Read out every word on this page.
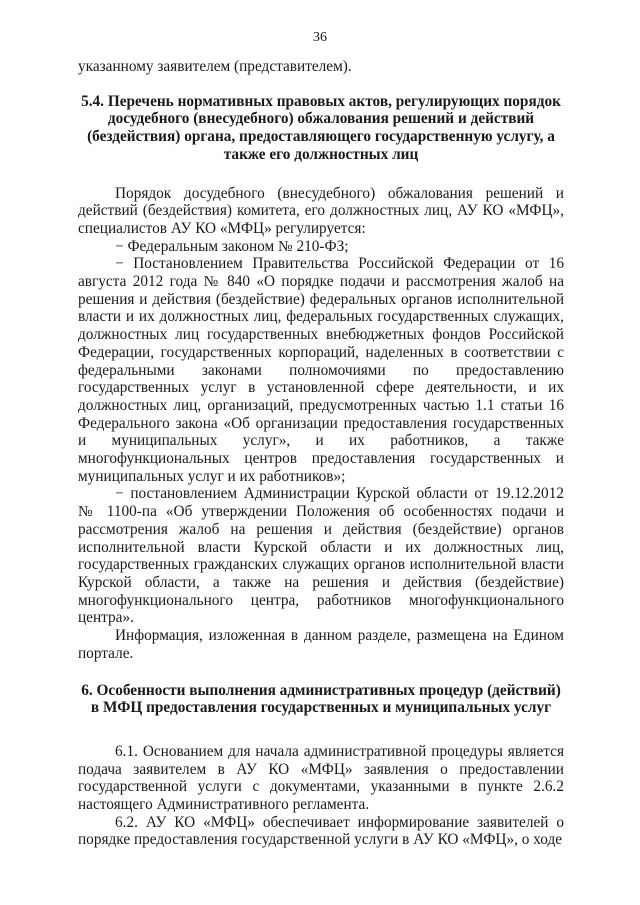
36

указанному заявителем (представителем).

5.4. Перечень нормативных правовых актов, регулирующих порядок досудебного (внесудебного) обжалования решений и действий (бездействия) органа, предоставляющего государственную услугу, а также его должностных лиц

Порядок досудебного (внесудебного) обжалования решений и действий (бездействия) комитета, его должностных лиц, АУ КО «МФЦ», специалистов АУ КО «МФЦ» регулируется:

− Федеральным законом № 210-ФЗ;

− Постановлением Правительства Российской Федерации от 16 августа 2012 года № 840 «О порядке подачи и рассмотрения жалоб на решения и действия (бездействие) федеральных органов исполнительной власти и их должностных лиц, федеральных государственных служащих, должностных лиц государственных внебюджетных фондов Российской Федерации, государственных корпораций, наделенных в соответствии с федеральными законами полномочиями по предоставлению государственных услуг в установленной сфере деятельности, и их должностных лиц, организаций, предусмотренных частью 1.1 статьи 16 Федерального закона «Об организации предоставления государственных и муниципальных услуг», и их работников, а также многофункциональных центров предоставления государственных и муниципальных услуг и их работников»;

− постановлением Администрации Курской области от 19.12.2012 № 1100-па «Об утверждении Положения об особенностях подачи и рассмотрения жалоб на решения и действия (бездействие) органов исполнительной власти Курской области и их должностных лиц, государственных гражданских служащих органов исполнительной власти Курской области, а также на решения и действия (бездействие) многофункционального центра, работников многофункционального центра».

Информация, изложенная в данном разделе, размещена на Едином портале.

6. Особенности выполнения административных процедур (действий) в МФЦ предоставления государственных и муниципальных услуг

6.1. Основанием для начала административной процедуры является подача заявителем в АУ КО «МФЦ» заявления о предоставлении государственной услуги с документами, указанными в пункте 2.6.2 настоящего Административного регламента.

6.2. АУ КО «МФЦ» обеспечивает информирование заявителей о порядке предоставления государственной услуги в АУ КО «МФЦ», о ходе
